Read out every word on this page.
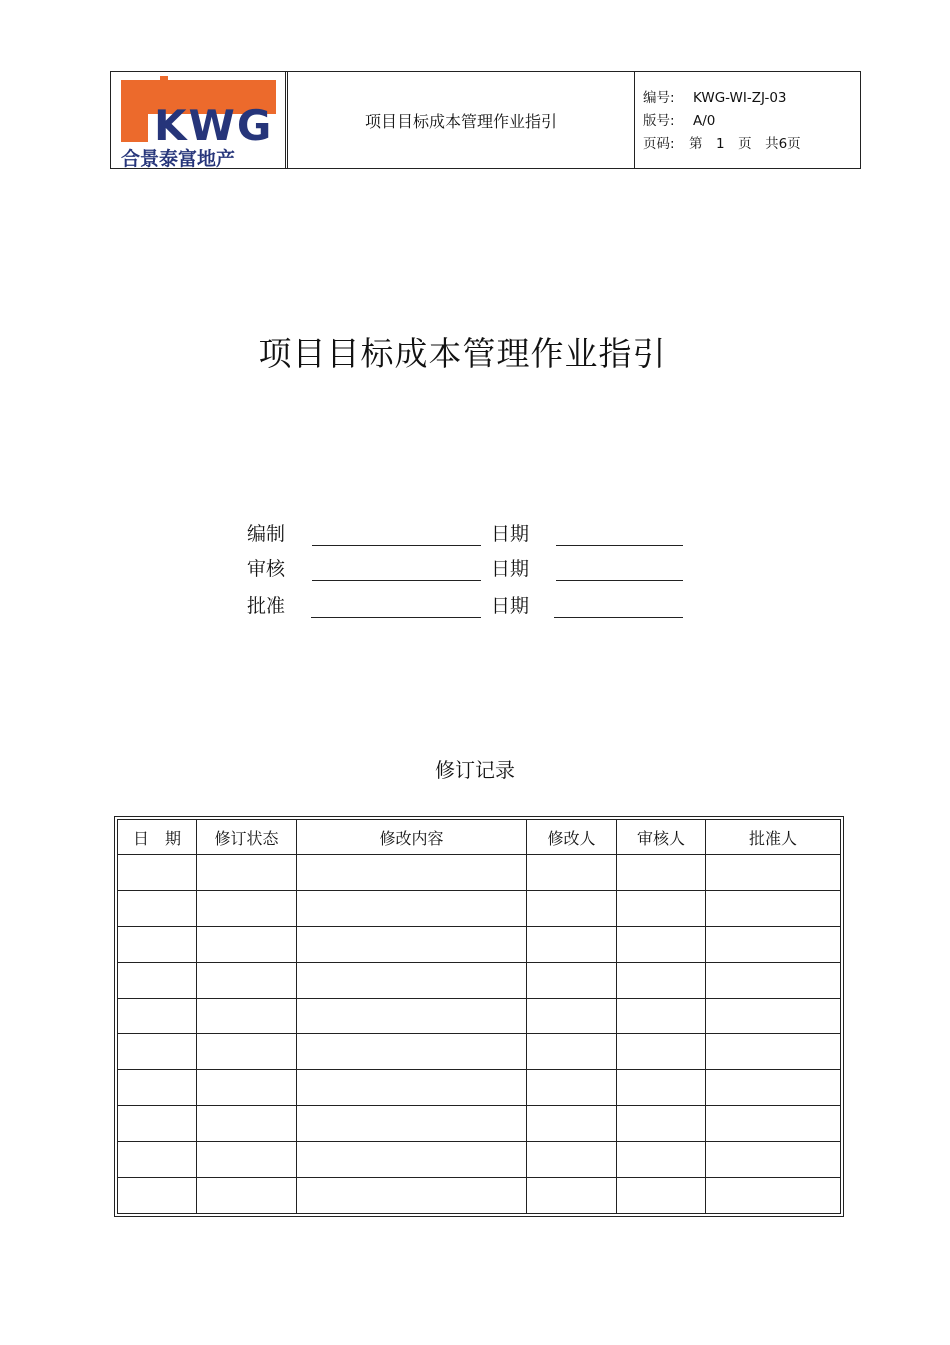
KWG
合景泰富地产
项目目标成本管理作业指引
编号:	KWG-WI-ZJ-03
版号:	A/0
页码:	第　1　页　共6页
项目目标成本管理作业指引
编制	日期
审核	日期
批准	日期
修订记录
日　期	修订状态	修改内容	修改人	审核人	批准人
